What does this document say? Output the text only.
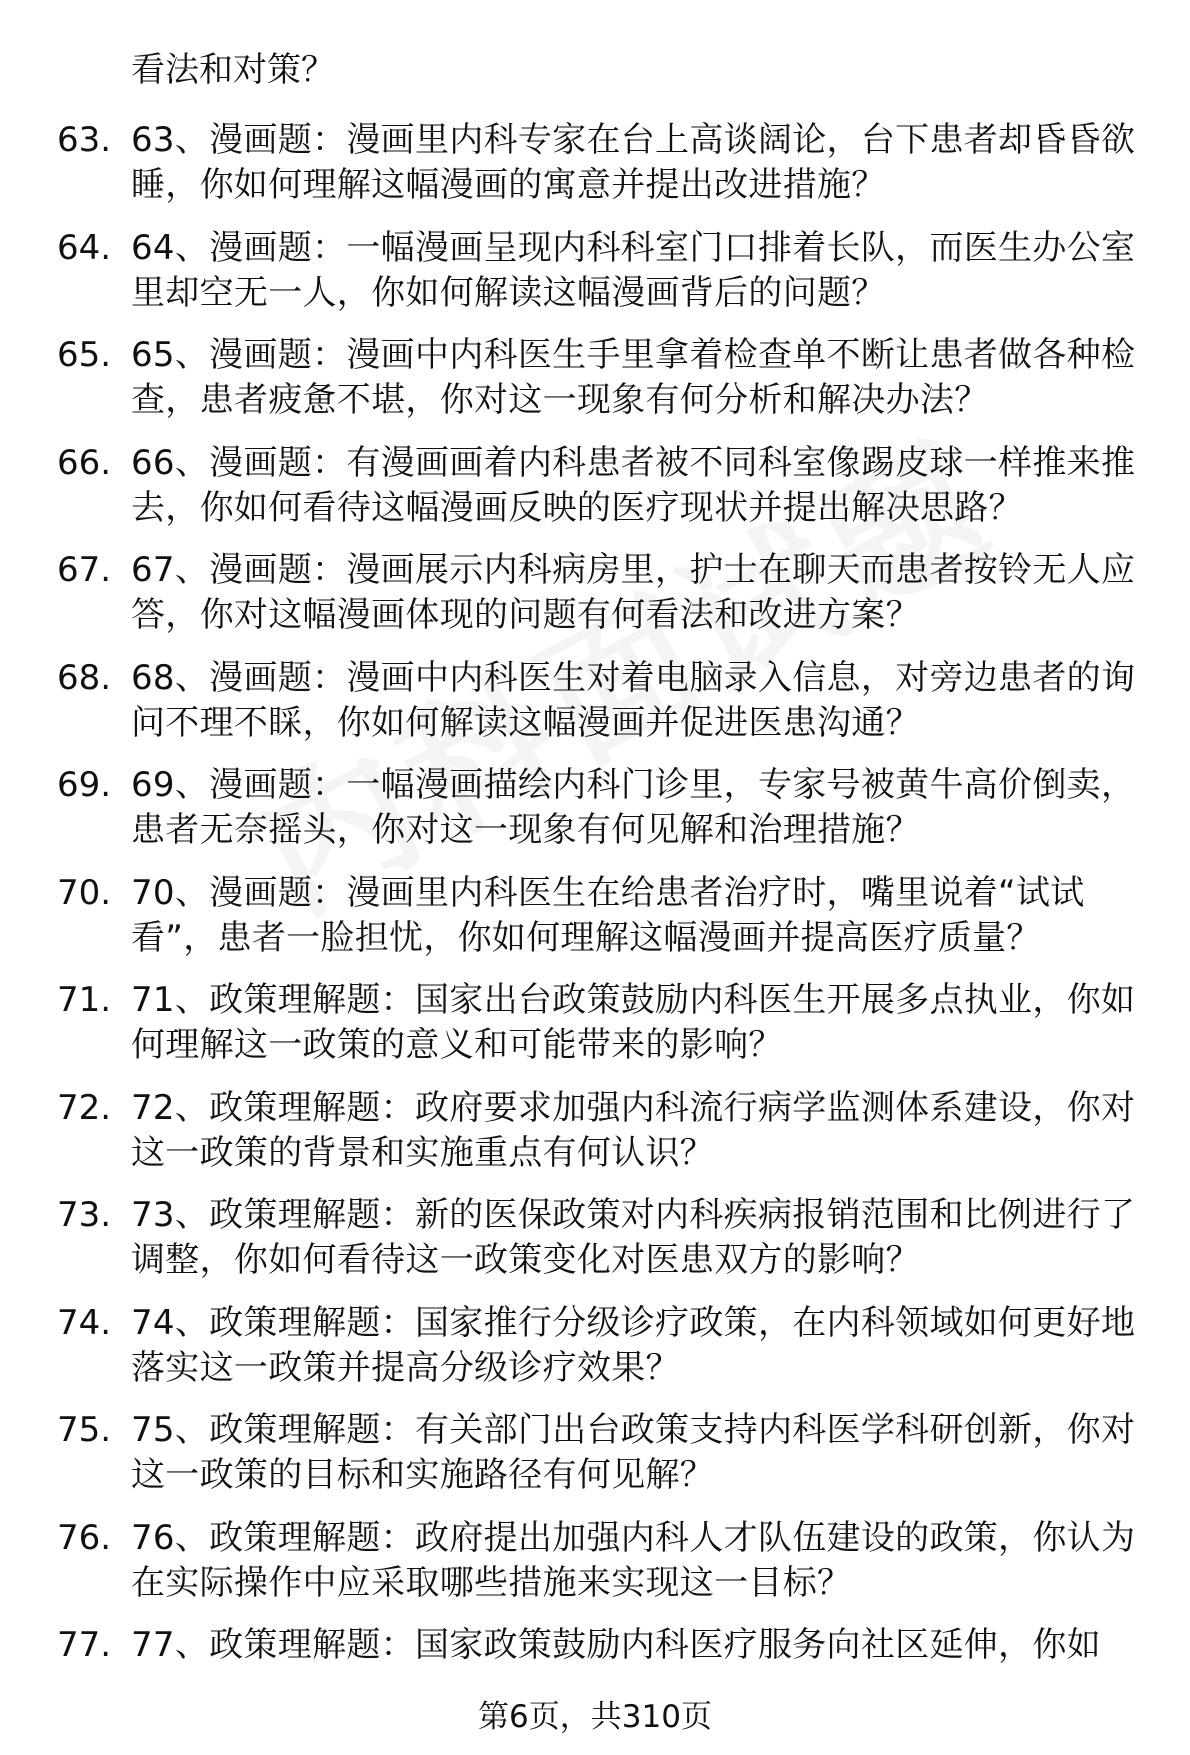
看法和对策？

63. 63、漫画题：漫画里内科专家在台上高谈阔论，台下患者却昏昏欲睡，你如何理解这幅漫画的寓意并提出改进措施？
64. 64、漫画题：一幅漫画呈现内科科室门口排着长队，而医生办公室里却空无一人，你如何解读这幅漫画背后的问题？
65. 65、漫画题：漫画中内科医生手里拿着检查单不断让患者做各种检查，患者疲惫不堪，你对这一现象有何分析和解决办法？
66. 66、漫画题：有漫画画着内科患者被不同科室像踢皮球一样推来推去，你如何看待这幅漫画反映的医疗现状并提出解决思路？
67. 67、漫画题：漫画展示内科病房里，护士在聊天而患者按铃无人应答，你对这幅漫画体现的问题有何看法和改进方案？
68. 68、漫画题：漫画中内科医生对着电脑录入信息，对旁边患者的询问不理不睬，你如何解读这幅漫画并促进医患沟通？
69. 69、漫画题：一幅漫画描绘内科门诊里，专家号被黄牛高价倒卖，患者无奈摇头，你对这一现象有何见解和治理措施？
70. 70、漫画题：漫画里内科医生在给患者治疗时，嘴里说着“试试看”，患者一脸担忧，你如何理解这幅漫画并提高医疗质量？
71. 71、政策理解题：国家出台政策鼓励内科医生开展多点执业，你如何理解这一政策的意义和可能带来的影响？
72. 72、政策理解题：政府要求加强内科流行病学监测体系建设，你对这一政策的背景和实施重点有何认识？
73. 73、政策理解题：新的医保政策对内科疾病报销范围和比例进行了调整，你如何看待这一政策变化对医患双方的影响？
74. 74、政策理解题：国家推行分级诊疗政策，在内科领域如何更好地落实这一政策并提高分级诊疗效果？
75. 75、政策理解题：有关部门出台政策支持内科医学科研创新，你对这一政策的目标和实施路径有何见解？
76. 76、政策理解题：政府提出加强内科人才队伍建设的政策，你认为在实际操作中应采取哪些措施来实现这一目标？
77. 77、政策理解题：国家政策鼓励内科医疗服务向社区延伸，你如
第6页，共310页
